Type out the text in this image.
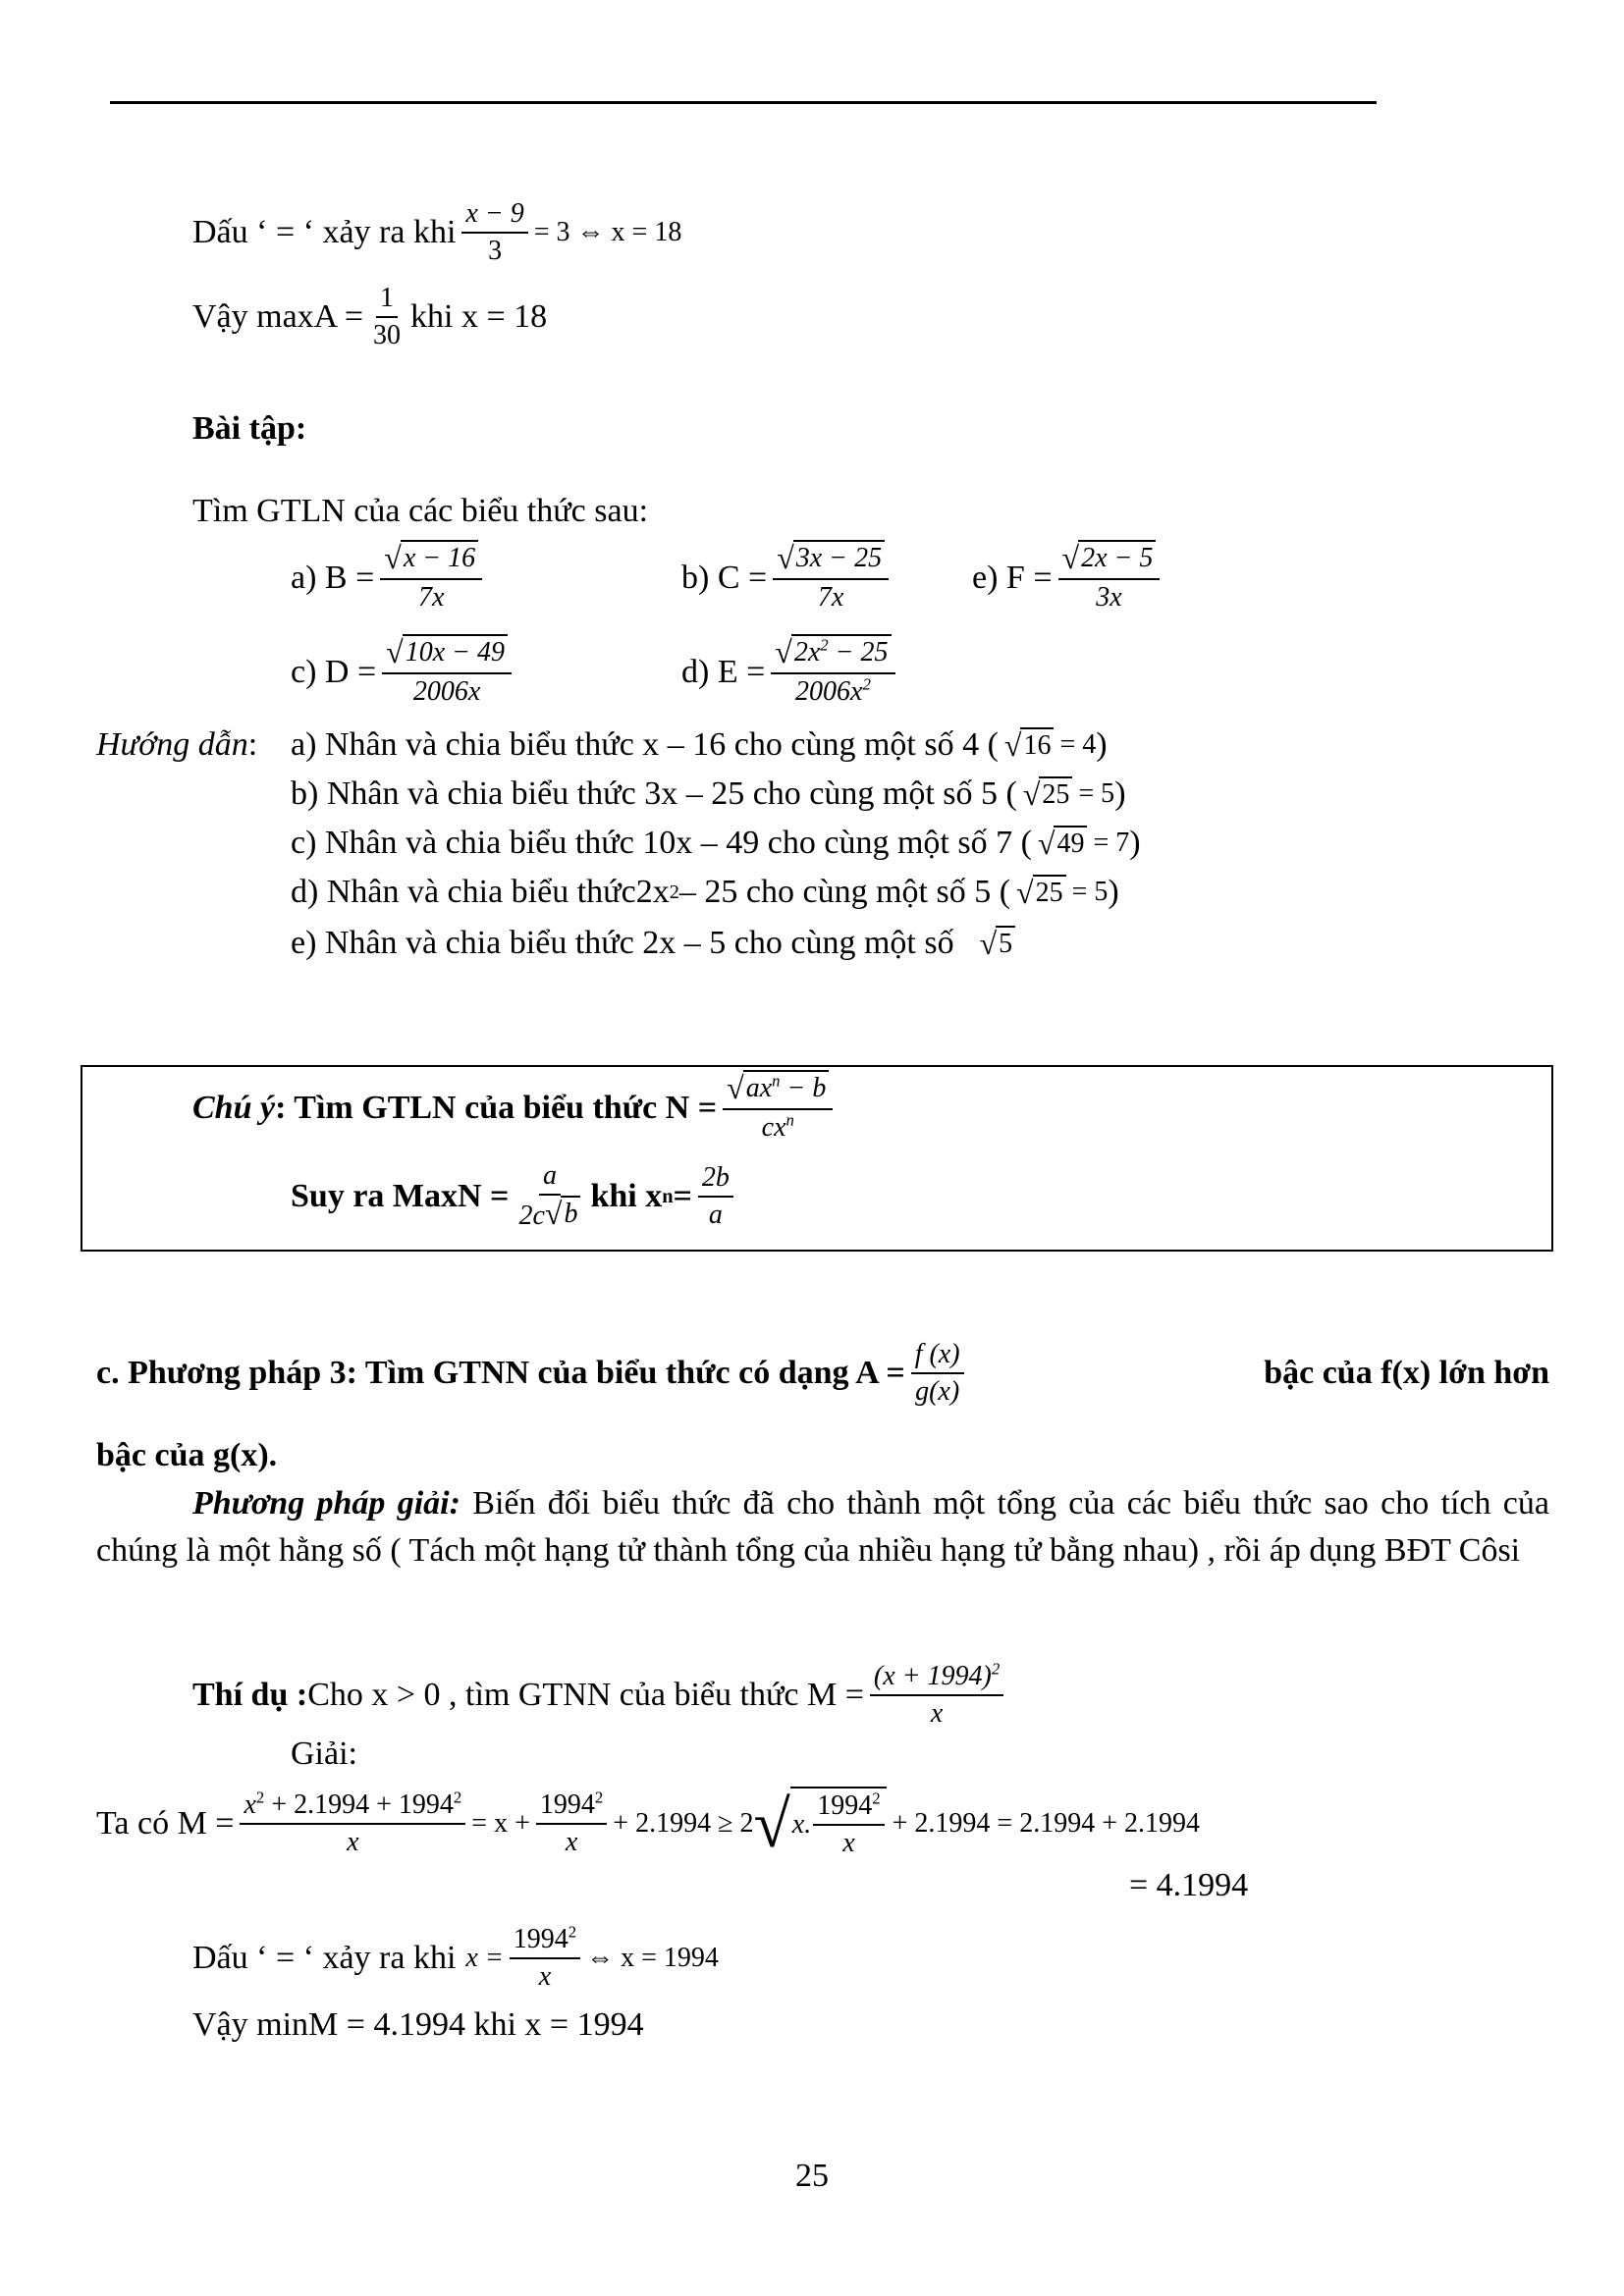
Dấu ‘ = ‘ xảy ra khi $\frac{x - 9}{3} = 3$ ⇔ x = 18
Vậy $\max A = \frac{1}{30}$ khi x = 18
Bài tập:
Tìm GTLN của các biểu thức sau:
a) $B = \frac{√ x - 16}{7x}$	b) $C = \frac{√ 3x - 25}{7x} e$) $F = \frac{√ 2x - 5}{3x}$
c) $D = \frac{√ 10x - 49}{2006x}$	d) $E = \frac{√ 2x^2 - 25}{2006x^2}$
Hướng dẫn: a) Nhân và chia biểu thức x – 16 cho cùng một số 4 ( √ 16 = 4 )
b) Nhân và chia biểu thức 3x – 25 cho cùng một số 5 ( √ 25 = 5 )
c) Nhân và chia biểu thức 10x – 49 cho cùng một số 7 ( √ 49 = 7 )
d) Nhân và chia biểu thức2x 2 – 25 cho cùng một số 5 ( √ 25 = 5 )
e) Nhân và chia biểu thức 2x – 5 cho cùng một số √ 5
Chú ý : Tìm GTLN của biểu thức $N = \frac{√ ax^n - b}{cx^n}$
Suy ra MaxN = $\frac{a}{2c √ b}$ khi x $n = \frac{2b}{a}$
c. Phương pháp 3: Tìm GTNN của biểu thức có dạng $A = \frac{f (x)}{g(x)}$	bậc của f(x) lớn hơn
bậc của g(x).
Phương pháp giải: Biến đổi biểu thức đã cho thành một tổng của các biểu thức sao cho tích của chúng là một hằng số ( Tách một hạng tử thành tổng của nhiều hạng tử bằng nhau) , rồi áp dụng BĐT Côsi
Thí dụ : Cho x > 0 , tìm GTNN của biểu thức $M = \frac{(x + 1994)^2}{x}$
Giải:
Ta có $M = \frac{x^2 + 2.1994 + 1994^2}{x} = x + \frac{1994^2}{x} + 2.1994 \ge 2$ √ x. $\frac{1994^2}{x} + 2.1994 = 2.1994 + 2.1994$
= 4.1994
Dấu ‘ = ‘ xảy ra khi $x = \frac{1994^2}{x}$ ⇔ x = 1994
Vậy minM = 4.1994 khi x = 1994
25
